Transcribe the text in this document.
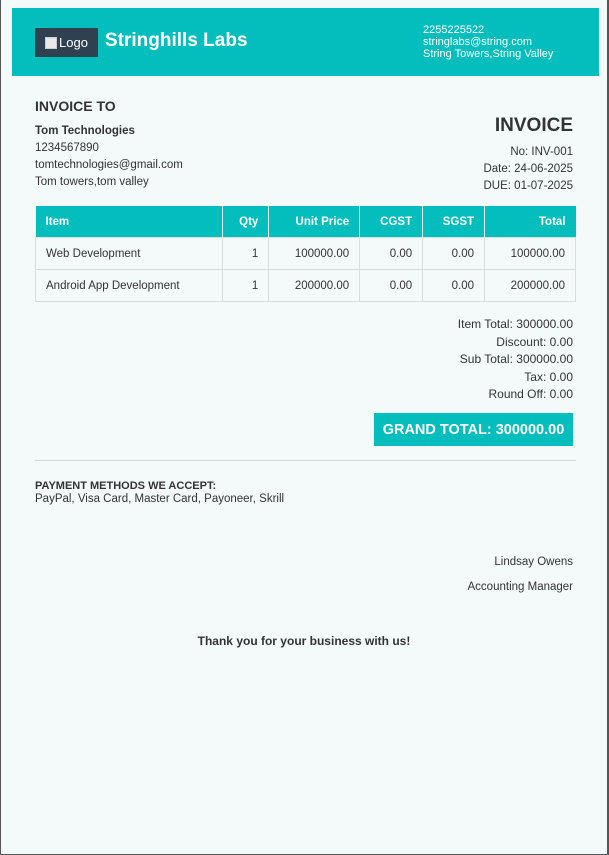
Logo Stringhills Labs	2255225522
stringlabs@string.com
String Towers,String Valley
INVOICE TO
Tom Technologies
1234567890
tomtechnologies@gmail.com
Tom towers,tom valley
INVOICE
No: INV-001
Date: 24-06-2025
DUE: 01-07-2025
Item	Qty	Unit Price	CGST	SGST	Total
Web Development	1	100000.00	0.00	0.00	100000.00
Android App Development	1	200000.00	0.00	0.00	200000.00
Item Total: 300000.00
Discount: 0.00
Sub Total: 300000.00
Tax: 0.00
Round Off: 0.00
GRAND TOTAL: 300000.00
PAYMENT METHODS WE ACCEPT:
PayPal, Visa Card, Master Card, Payoneer, Skrill
Lindsay Owens
Accounting Manager
Thank you for your business with us!
